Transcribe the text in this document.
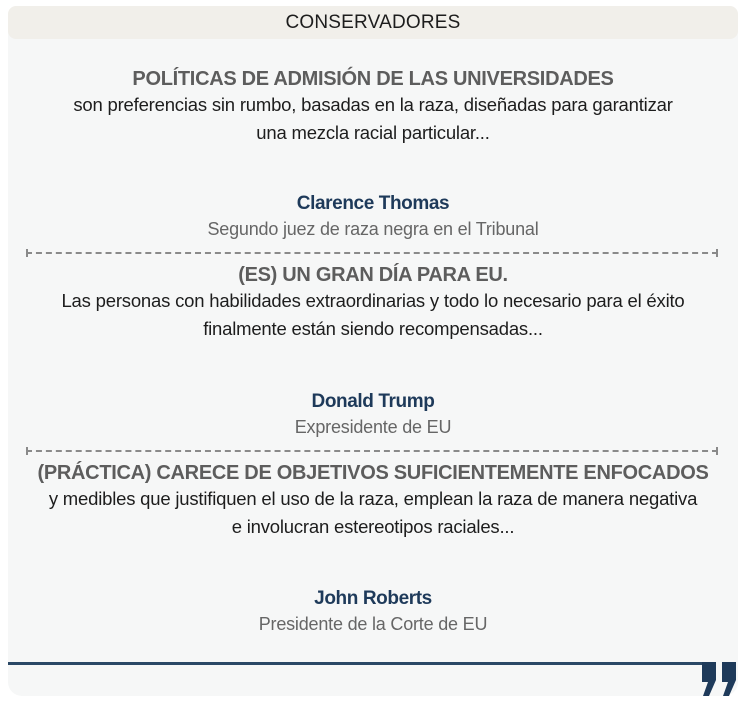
CONSERVADORES
POLÍTICAS DE ADMISIÓN DE LAS UNIVERSIDADES
son preferencias sin rumbo, basadas en la raza, diseñadas para garantizar
una mezcla racial particular...
Clarence Thomas
Segundo juez de raza negra en el Tribunal
(ES) UN GRAN DÍA PARA EU.
Las personas con habilidades extraordinarias y todo lo necesario para el éxito
finalmente están siendo recompensadas...
Donald Trump
Expresidente de EU
(PRÁCTICA) CARECE DE OBJETIVOS SUFICIENTEMENTE ENFOCADOS
y medibles que justifiquen el uso de la raza, emplean la raza de manera negativa
e involucran estereotipos raciales...
John Roberts
Presidente de la Corte de EU
